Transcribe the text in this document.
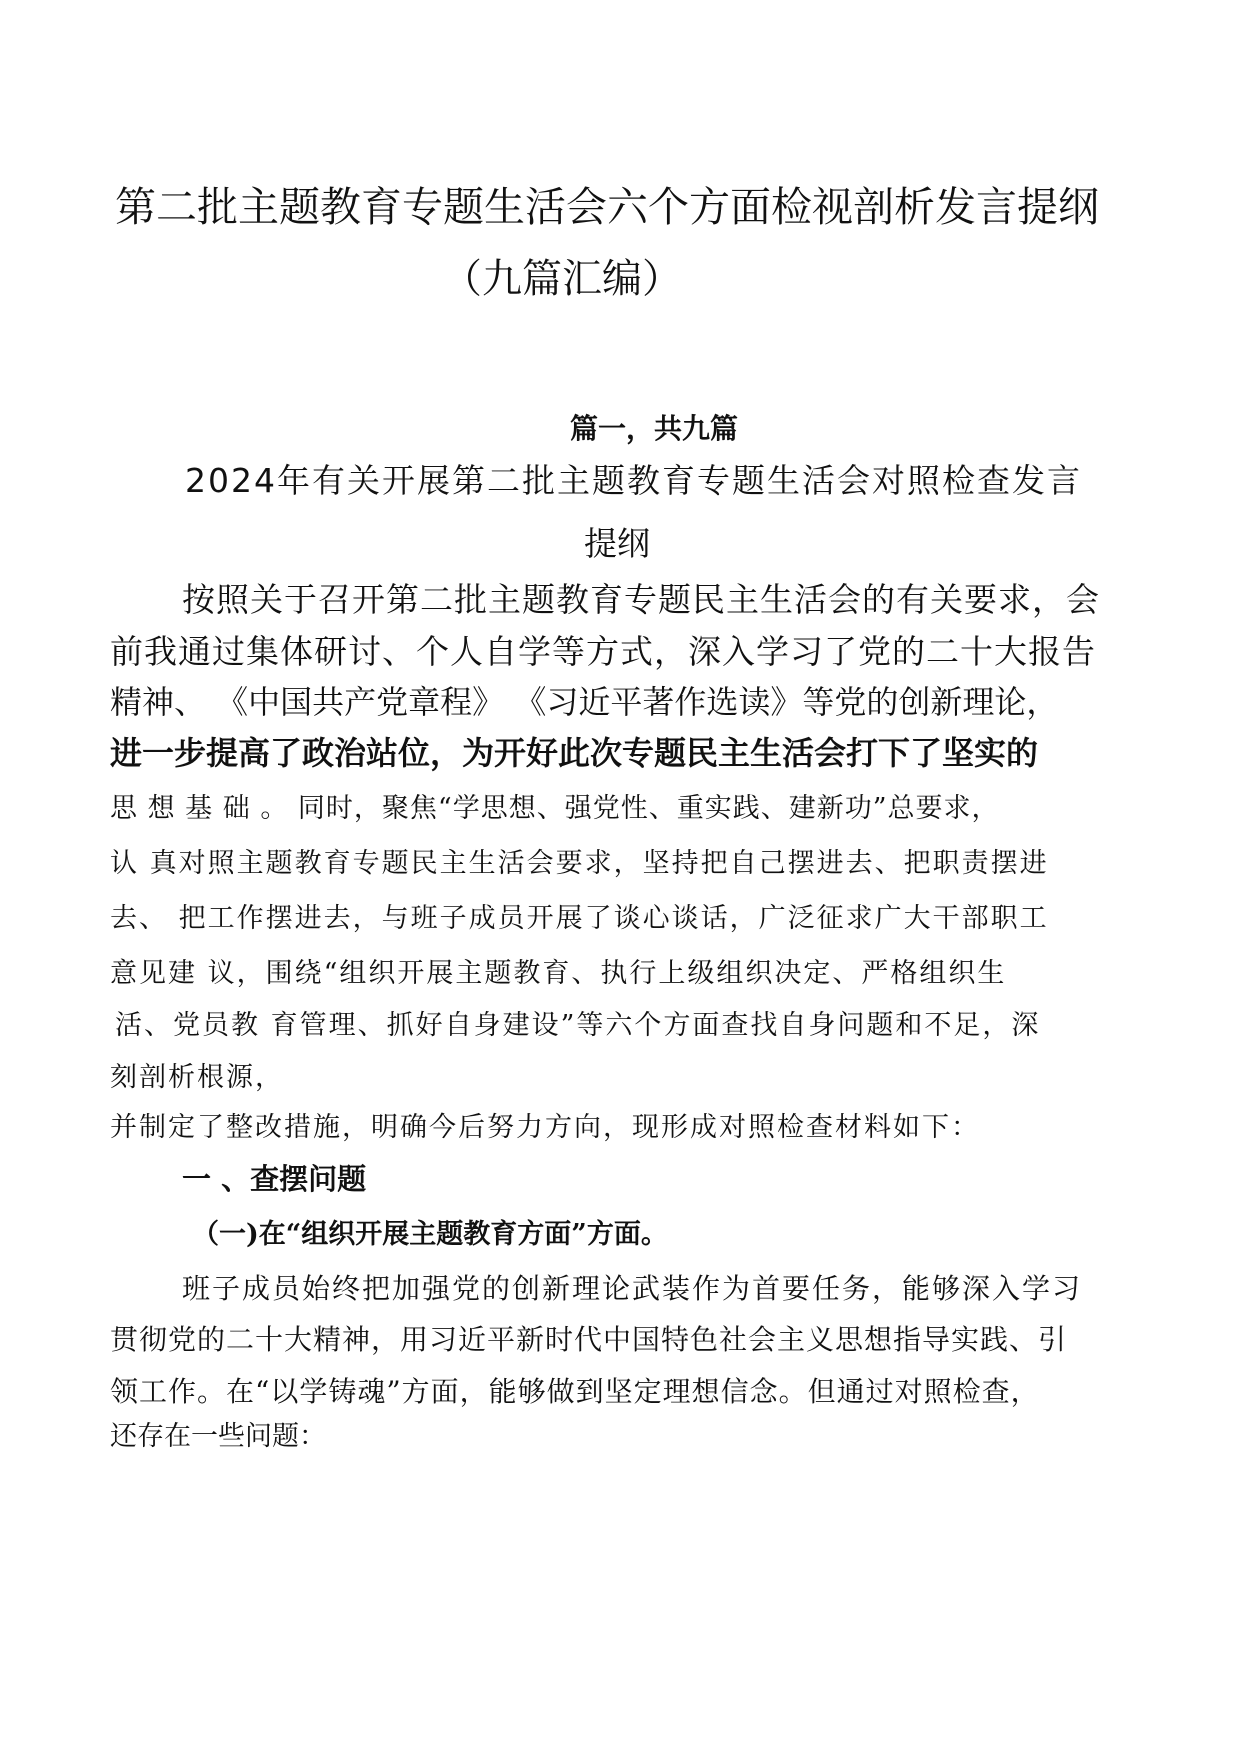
第二批主题教育专题生活会六个方面检视剖析发言提纲
（九篇汇编）
篇一，共九篇
2024年有关开展第二批主题教育专题生活会对照检查发言
提纲
按照关于召开第二批主题教育专题民主生活会的有关要求，会
前我通过集体研讨、个人自学等方式，深入学习了党的二十大报告
精神、 《中国共产党章程》 《习近平著作选读》等党的创新理论，
进一步提高了政治站位，为开好此次专题民主生活会打下了坚实的
思 想 基 础 。 同时，聚焦“学思想、强党性、重实践、建新功”总要求，
认 真对照主题教育专题民主生活会要求，坚持把自己摆进去、把职责摆进
去、 把工作摆进去，与班子成员开展了谈心谈话，广泛征求广大干部职工
意见建 议，围绕“组织开展主题教育、执行上级组织决定、严格组织生
活、党员教 育管理、抓好自身建设”等六个方面查找自身问题和不足，深
刻剖析根源，
并制定了整改措施，明确今后努力方向，现形成对照检查材料如下：
一 、查摆问题
（一)在“组织开展主题教育方面”方面。
班子成员始终把加强党的创新理论武装作为首要任务，能够深入学习
贯彻党的二十大精神，用习近平新时代中国特色社会主义思想指导实践、引
领工作。在“以学铸魂”方面，能够做到坚定理想信念。但通过对照检查，
还存在一些问题：
